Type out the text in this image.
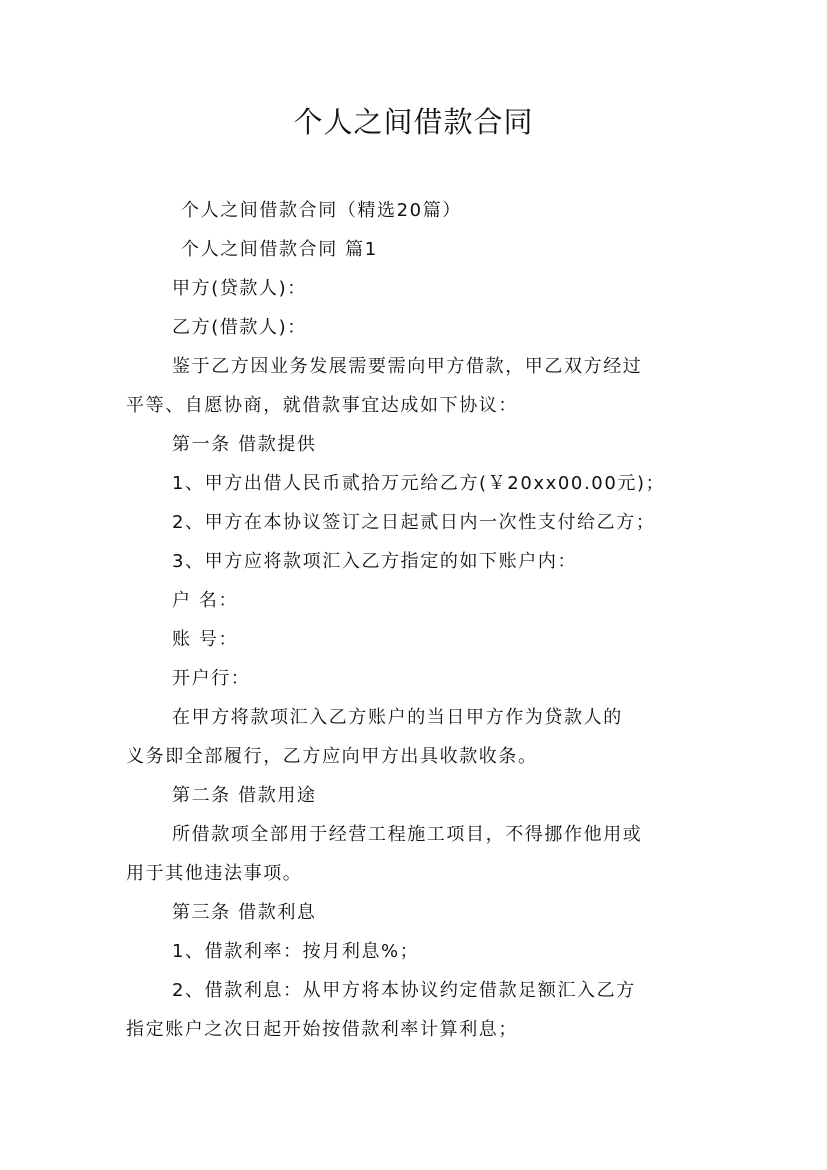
个人之间借款合同
个人之间借款合同（精选20篇）
个人之间借款合同 篇1
甲方(贷款人)：
乙方(借款人)：
鉴于乙方因业务发展需要需向甲方借款，甲乙双方经过
平等、自愿协商，就借款事宜达成如下协议：
第一条 借款提供
1、甲方出借人民币贰拾万元给乙方(￥20xx00.00元)；
2、甲方在本协议签订之日起贰日内一次性支付给乙方；
3、甲方应将款项汇入乙方指定的如下账户内：
户 名：
账 号：
开户行：
在甲方将款项汇入乙方账户的当日甲方作为贷款人的
义务即全部履行，乙方应向甲方出具收款收条。
第二条 借款用途
所借款项全部用于经营工程施工项目，不得挪作他用或
用于其他违法事项。
第三条 借款利息
1、借款利率：按月利息%；
2、借款利息：从甲方将本协议约定借款足额汇入乙方
指定账户之次日起开始按借款利率计算利息；
